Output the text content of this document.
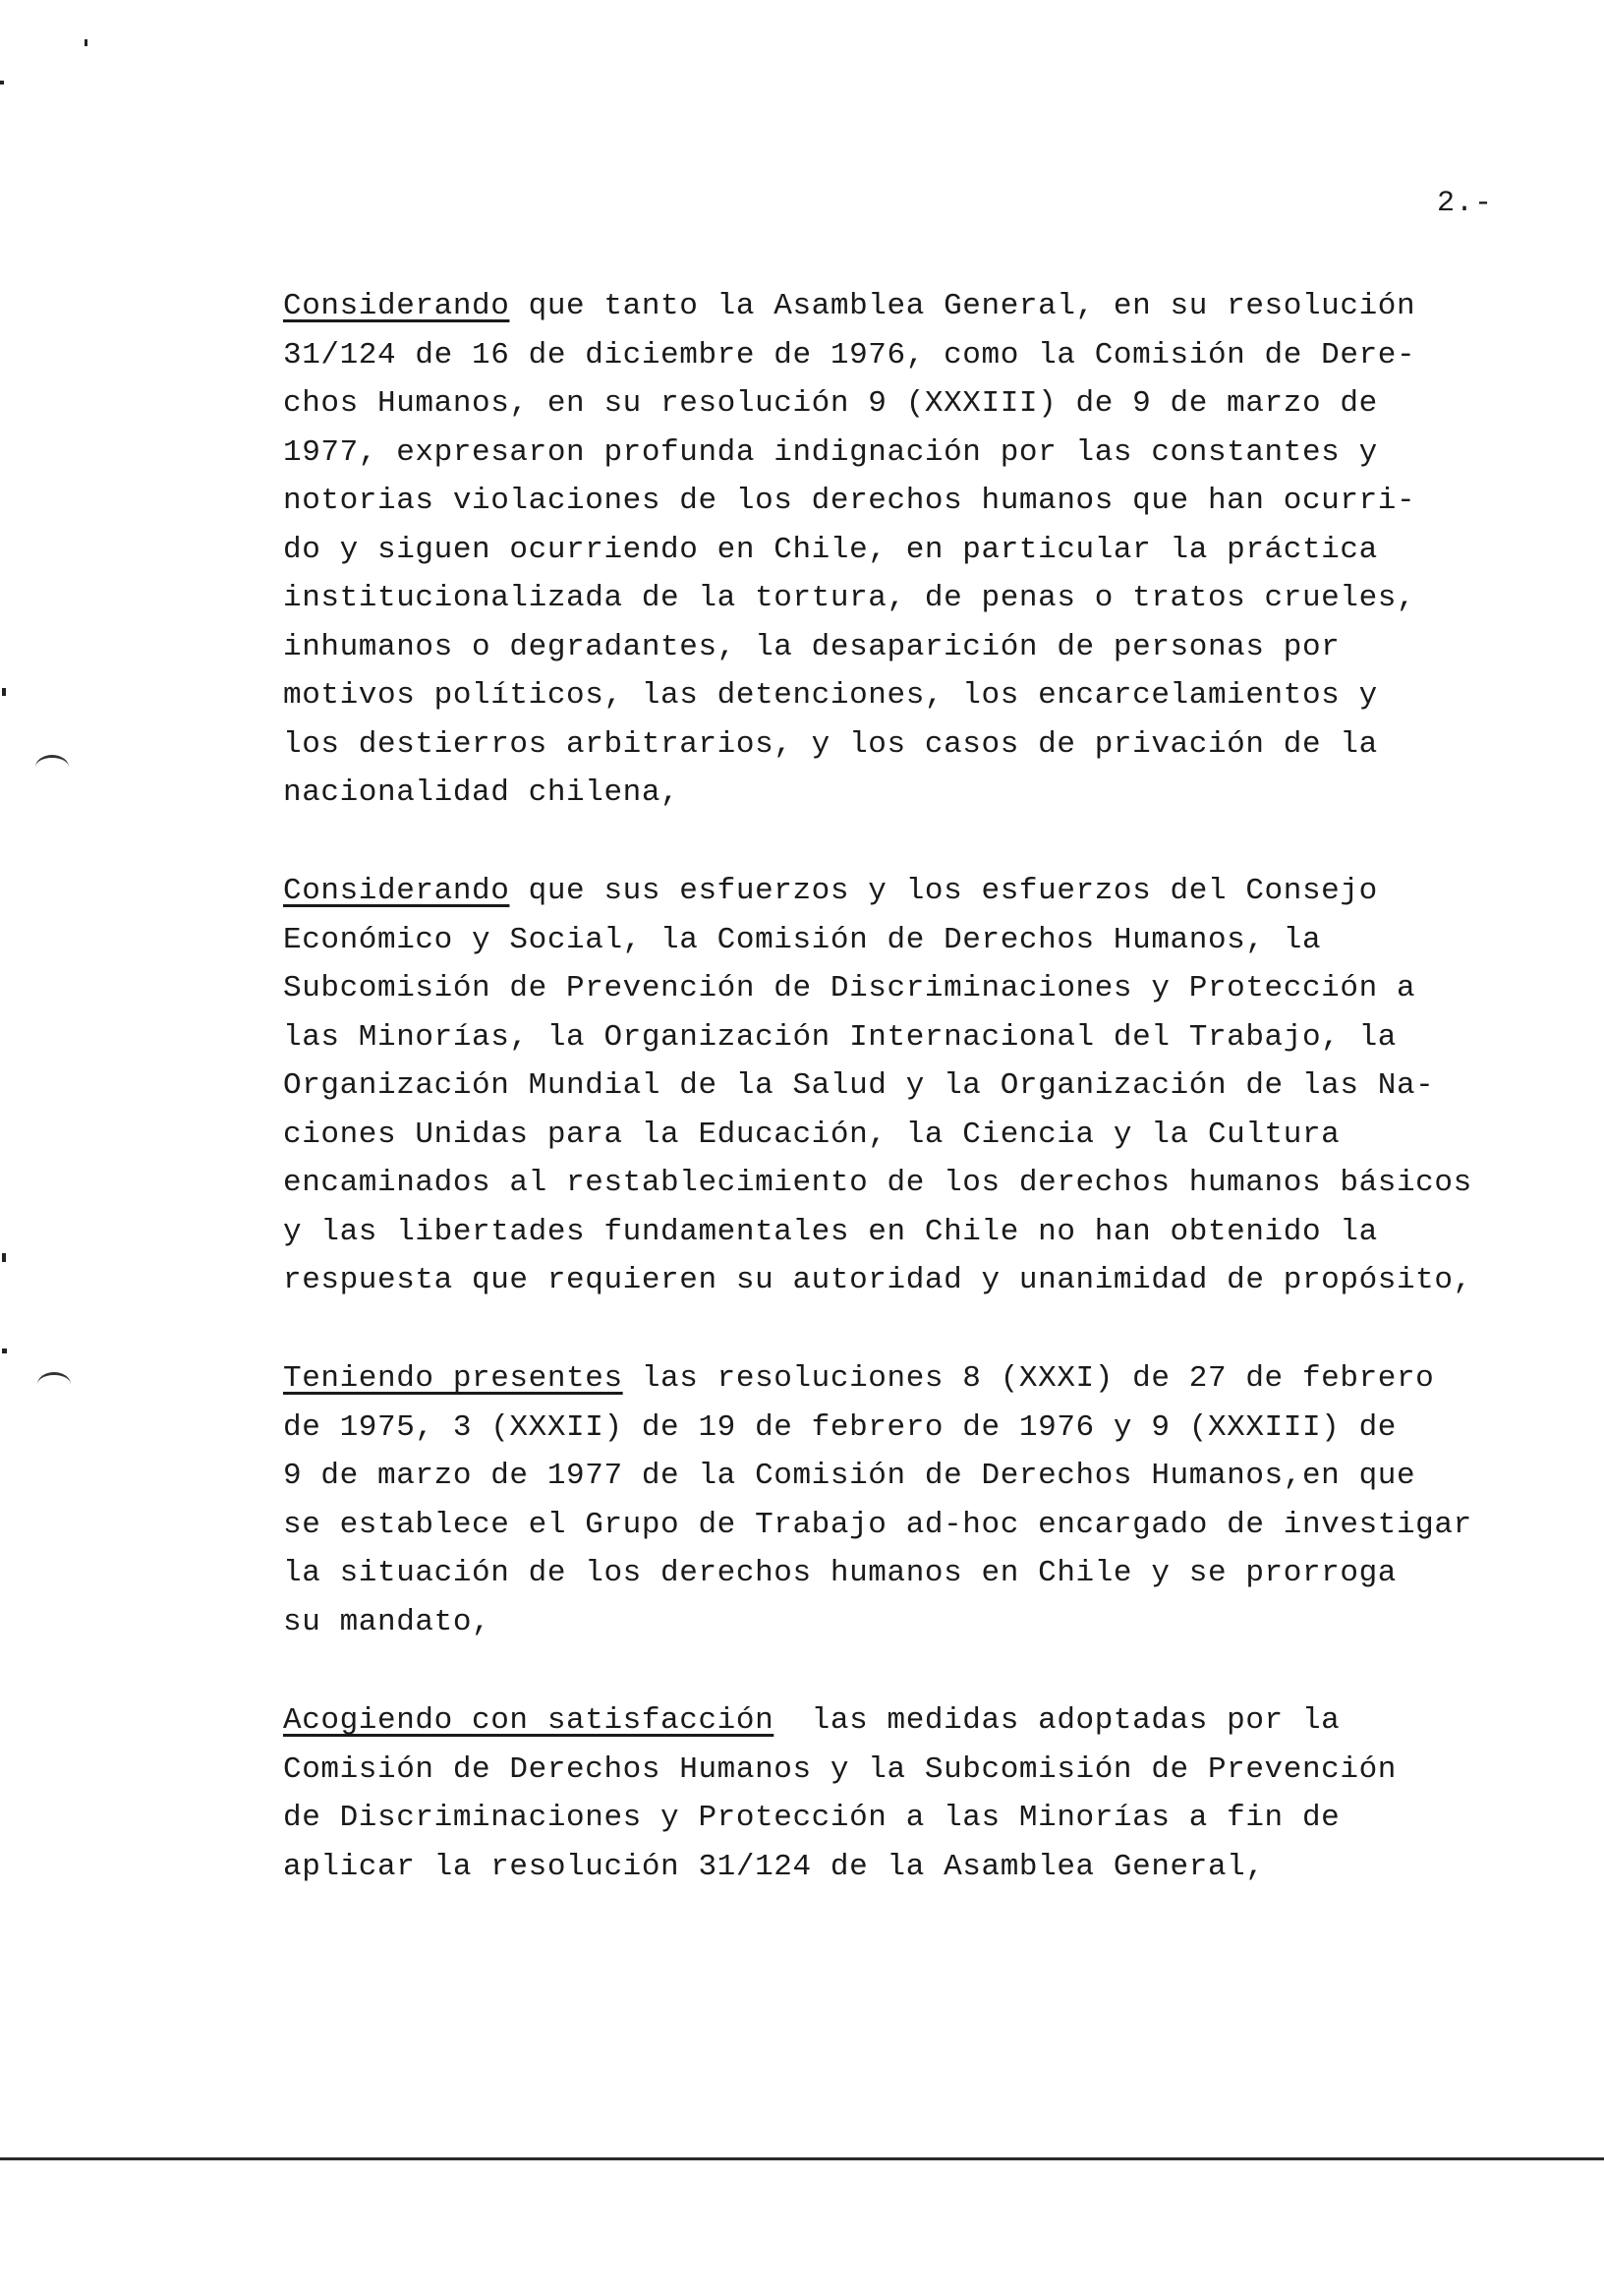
2.-
Considerando que tanto la Asamblea General, en su resolución
31/124 de 16 de diciembre de 1976, como la Comisión de Dere-
chos Humanos, en su resolución 9 (XXXIII) de 9 de marzo de
1977, expresaron profunda indignación por las constantes y
notorias violaciones de los derechos humanos que han ocurri-
do y siguen ocurriendo en Chile, en particular la práctica
institucionalizada de la tortura, de penas o tratos crueles,
inhumanos o degradantes, la desaparición de personas por
motivos políticos, las detenciones, los encarcelamientos y
los destierros arbitrarios, y los casos de privación de la
nacionalidad chilena,
Considerando que sus esfuerzos y los esfuerzos del Consejo
Económico y Social, la Comisión de Derechos Humanos, la
Subcomisión de Prevención de Discriminaciones y Protección a
las Minorías, la Organización Internacional del Trabajo, la
Organización Mundial de la Salud y la Organización de las Na-
ciones Unidas para la Educación, la Ciencia y la Cultura
encaminados al restablecimiento de los derechos humanos básicos
y las libertades fundamentales en Chile no han obtenido la
respuesta que requieren su autoridad y unanimidad de propósito,
Teniendo presentes las resoluciones 8 (XXXI) de 27 de febrero
de 1975, 3 (XXXII) de 19 de febrero de 1976 y 9 (XXXIII) de
9 de marzo de 1977 de la Comisión de Derechos Humanos,en que
se establece el Grupo de Trabajo ad-hoc encargado de investigar
la situación de los derechos humanos en Chile y se prorroga
su mandato,
Acogiendo con satisfacción  las medidas adoptadas por la
Comisión de Derechos Humanos y la Subcomisión de Prevención
de Discriminaciones y Protección a las Minorías a fin de
aplicar la resolución 31/124 de la Asamblea General,
